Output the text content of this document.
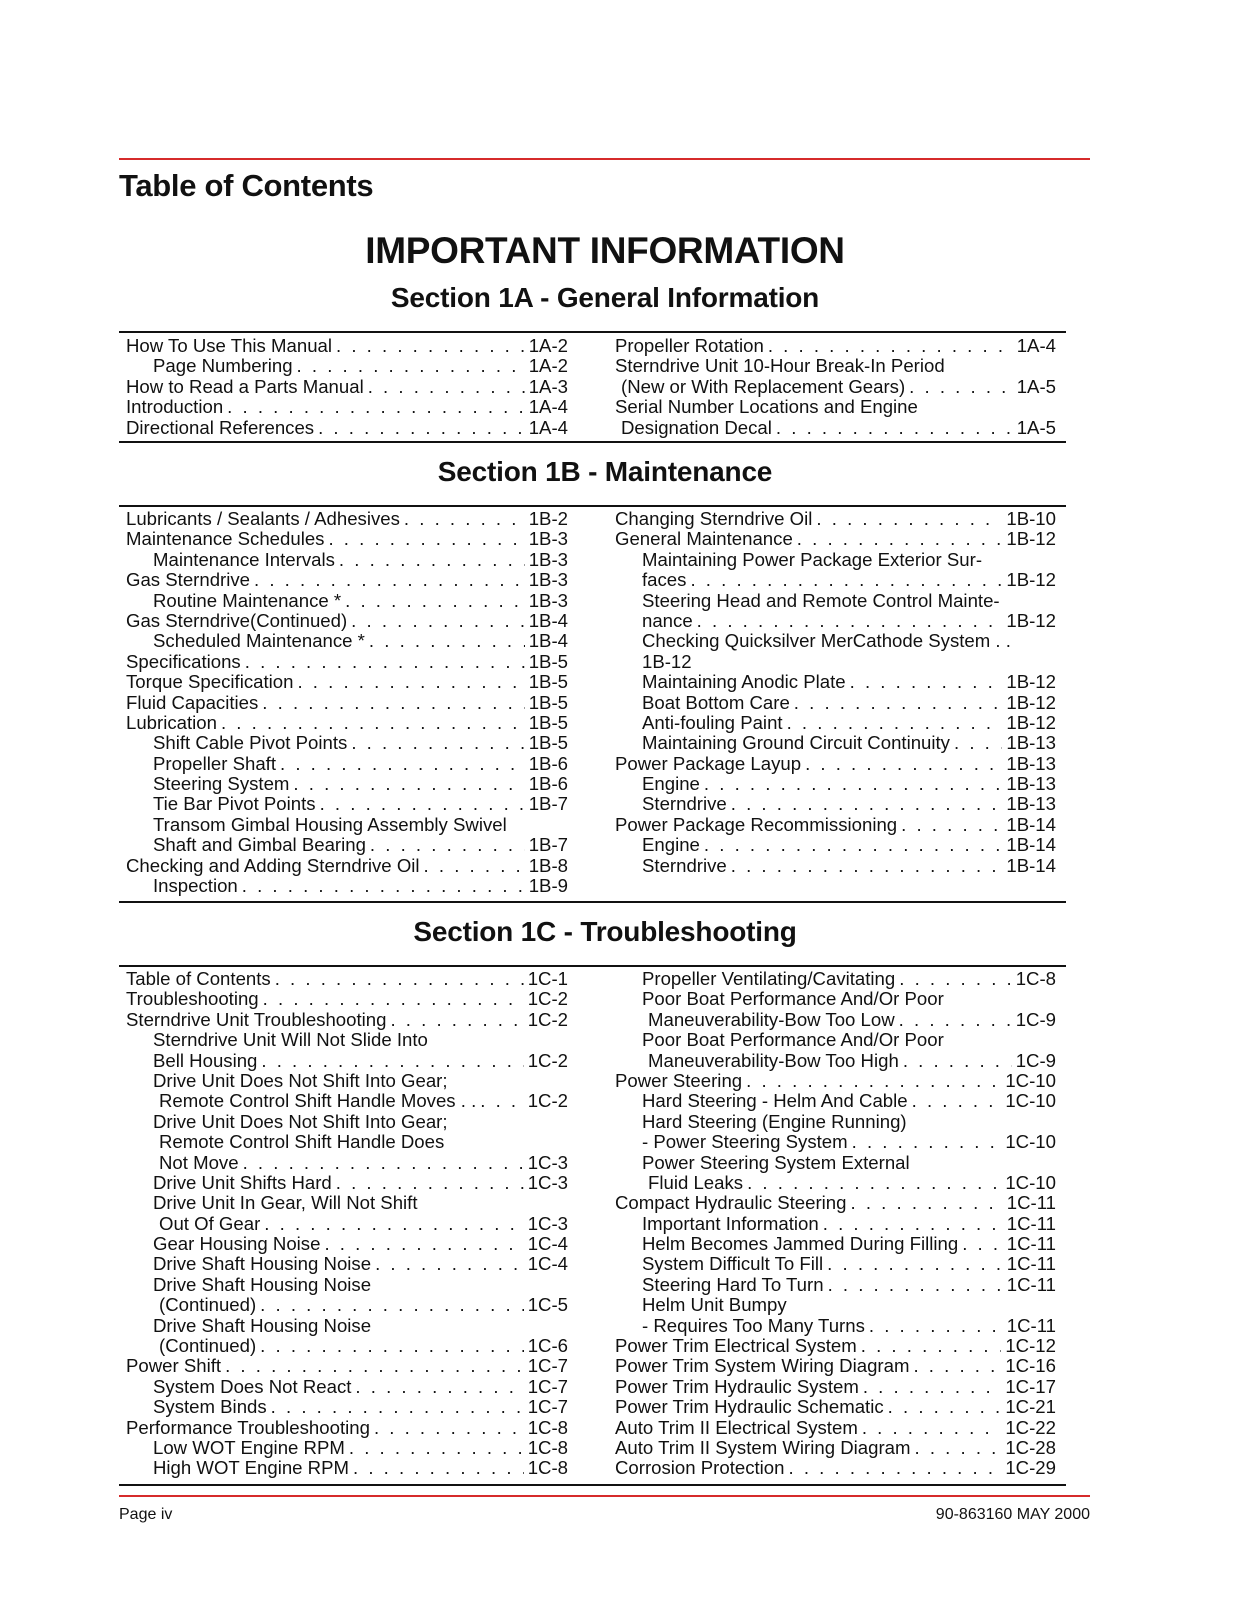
Table of Contents
IMPORTANT INFORMATION
Section 1A - General Information
How To Use This Manual . . .	1A-2
Page Numbering . . .	1A-2
How to Read a Parts Manual . . .	1A-3
Introduction . . .	1A-4
Directional References . . .	1A-4
Propeller Rotation . . .	1A-4
Sterndrive Unit 10-Hour Break-In Period
(New or With Replacement Gears) . . .	1A-5
Serial Number Locations and Engine
Designation Decal . . .	1A-5
Section 1B - Maintenance
Lubricants / Sealants / Adhesives . . .	1B-2
Maintenance Schedules . . .	1B-3
Maintenance Intervals . . .	1B-3
Gas Sterndrive . . .	1B-3
Routine Maintenance * . . .	1B-3
Gas Sterndrive(Continued) . . .	1B-4
Scheduled Maintenance * . . .	1B-4
Specifications . . .	1B-5
Torque Specification . . .	1B-5
Fluid Capacities . . .	1B-5
Lubrication . . .	1B-5
Shift Cable Pivot Points . . .	1B-5
Propeller Shaft . . .	1B-6
Steering System . . .	1B-6
Tie Bar Pivot Points . . .	1B-7
Transom Gimbal Housing Assembly Swivel
Shaft and Gimbal Bearing . . .	1B-7
Checking and Adding Sterndrive Oil . . .	1B-8
Inspection . . .	1B-9
Changing Sterndrive Oil . . .	1B-10
General Maintenance . . .	1B-12
Maintaining Power Package Exterior Sur-
faces . . .	1B-12
Steering Head and Remote Control Mainte-
nance . . .	1B-12
Checking Quicksilver MerCathode System . .
1B-12
Maintaining Anodic Plate . . .	1B-12
Boat Bottom Care . . .	1B-12
Anti-fouling Paint . . .	1B-12
Maintaining Ground Circuit Continuity . . .	1B-13
Power Package Layup . . .	1B-13
Engine . . .	1B-13
Sterndrive . . .	1B-13
Power Package Recommissioning . . .	1B-14
Engine . . .	1B-14
Sterndrive . . .	1B-14
Section 1C - Troubleshooting
Table of Contents . . .	1C-1
Troubleshooting . . .	1C-2
Sterndrive Unit Troubleshooting . . .	1C-2
Sterndrive Unit Will Not Slide Into
Bell Housing . . .	1C-2
Drive Unit Does Not Shift Into Gear;
Remote Control Shift Handle Moves . . . . .	1C-2
Drive Unit Does Not Shift Into Gear;
Remote Control Shift Handle Does
Not Move . . .	1C-3
Drive Unit Shifts Hard . . .	1C-3
Drive Unit In Gear, Will Not Shift
Out Of Gear . . .	1C-3
Gear Housing Noise . . .	1C-4
Drive Shaft Housing Noise . . .	1C-4
Drive Shaft Housing Noise
(Continued) . . .	1C-5
Drive Shaft Housing Noise
(Continued) . . .	1C-6
Power Shift . . .	1C-7
System Does Not React . . .	1C-7
System Binds . . .	1C-7
Performance Troubleshooting . . .	1C-8
Low WOT Engine RPM . . .	1C-8
High WOT Engine RPM . . .	1C-8
Propeller Ventilating/Cavitating . . .	1C-8
Poor Boat Performance And/Or Poor
Maneuverability-Bow Too Low . . .	1C-9
Poor Boat Performance And/Or Poor
Maneuverability-Bow Too High . . .	1C-9
Power Steering . . .	1C-10
Hard Steering - Helm And Cable . . .	1C-10
Hard Steering (Engine Running)
- Power Steering System . . .	1C-10
Power Steering System External
Fluid Leaks . . .	1C-10
Compact Hydraulic Steering . . .	1C-11
Important Information . . .	1C-11
Helm Becomes Jammed During Filling . . .	1C-11
System Difficult To Fill . . .	1C-11
Steering Hard To Turn . . .	1C-11
Helm Unit Bumpy
- Requires Too Many Turns . . .	1C-11
Power Trim Electrical System . . .	1C-12
Power Trim System Wiring Diagram . . .	1C-16
Power Trim Hydraulic System . . .	1C-17
Power Trim Hydraulic Schematic . . .	1C-21
Auto Trim II Electrical System . . .	1C-22
Auto Trim II System Wiring Diagram . . .	1C-28
Corrosion Protection . . .	1C-29
Page iv	90-863160 MAY 2000
